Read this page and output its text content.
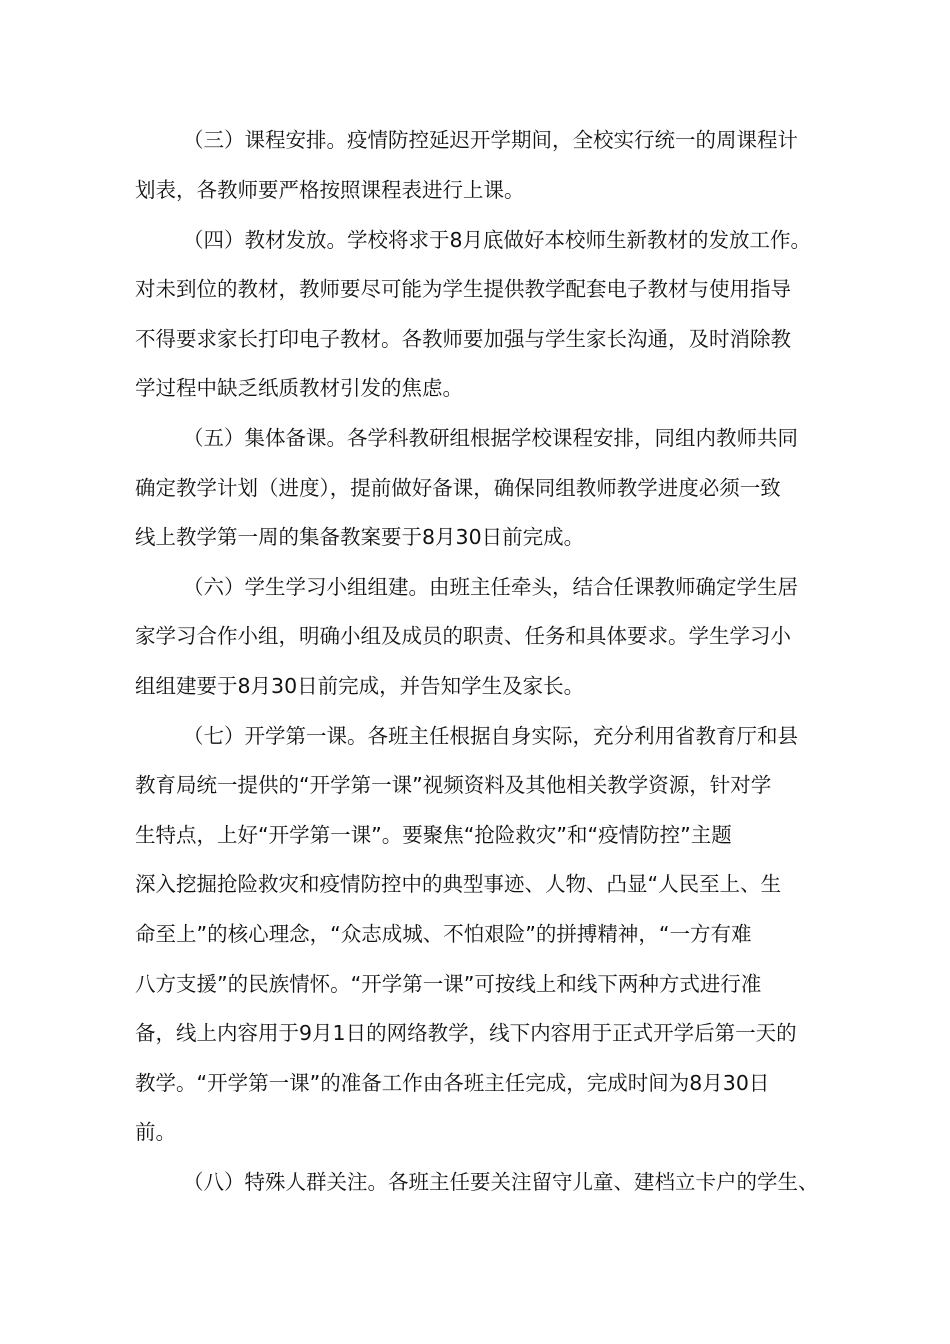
（三）课程安排。疫情防控延迟开学期间，全校实行统一的周课程计
划表，各教师要严格按照课程表进行上课。
（四）教材发放。学校将求于8月底做好本校师生新教材的发放工作。
对未到位的教材，教师要尽可能为学生提供教学配套电子教材与使用指导
不得要求家长打印电子教材。各教师要加强与学生家长沟通，及时消除教
学过程中缺乏纸质教材引发的焦虑。
（五）集体备课。各学科教研组根据学校课程安排，同组内教师共同
确定教学计划（进度），提前做好备课，确保同组教师教学进度必须一致
线上教学第一周的集备教案要于8月30日前完成。
（六）学生学习小组组建。由班主任牵头，结合任课教师确定学生居
家学习合作小组，明确小组及成员的职责、任务和具体要求。学生学习小
组组建要于8月30日前完成，并告知学生及家长。
（七）开学第一课。各班主任根据自身实际，充分利用省教育厅和县
教育局统一提供的“开学第一课”视频资料及其他相关教学资源，针对学
生特点，上好“开学第一课”。要聚焦“抢险救灾”和“疫情防控”主题
深入挖掘抢险救灾和疫情防控中的典型事迹、人物、凸显“人民至上、生
命至上”的核心理念，“众志成城、不怕艰险”的拼搏精神，“一方有难
八方支援”的民族情怀。“开学第一课”可按线上和线下两种方式进行准
备，线上内容用于9月1日的网络教学，线下内容用于正式开学后第一天的
教学。“开学第一课”的准备工作由各班主任完成，完成时间为8月30日
前。
（八）特殊人群关注。各班主任要关注留守儿童、建档立卡户的学生、
